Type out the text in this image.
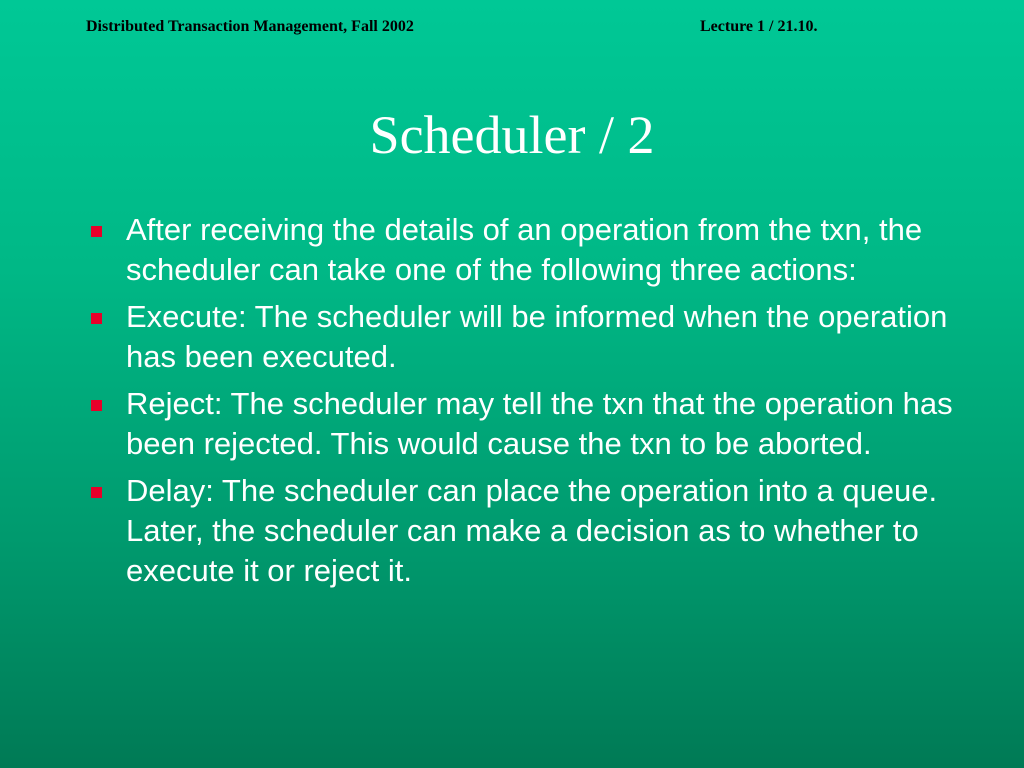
Distributed Transaction Management, Fall 2002	Lecture 1 / 21.10.
Scheduler / 2
After receiving the details of an operation from the txn, the scheduler can take one of the following three actions:
Execute: The scheduler will be informed when the operation has been executed.
Reject: The scheduler may tell the txn that the operation has been rejected. This would cause the txn to be aborted.
Delay: The scheduler can place the operation into a queue. Later, the scheduler can make a decision as to whether to execute it or reject it.
